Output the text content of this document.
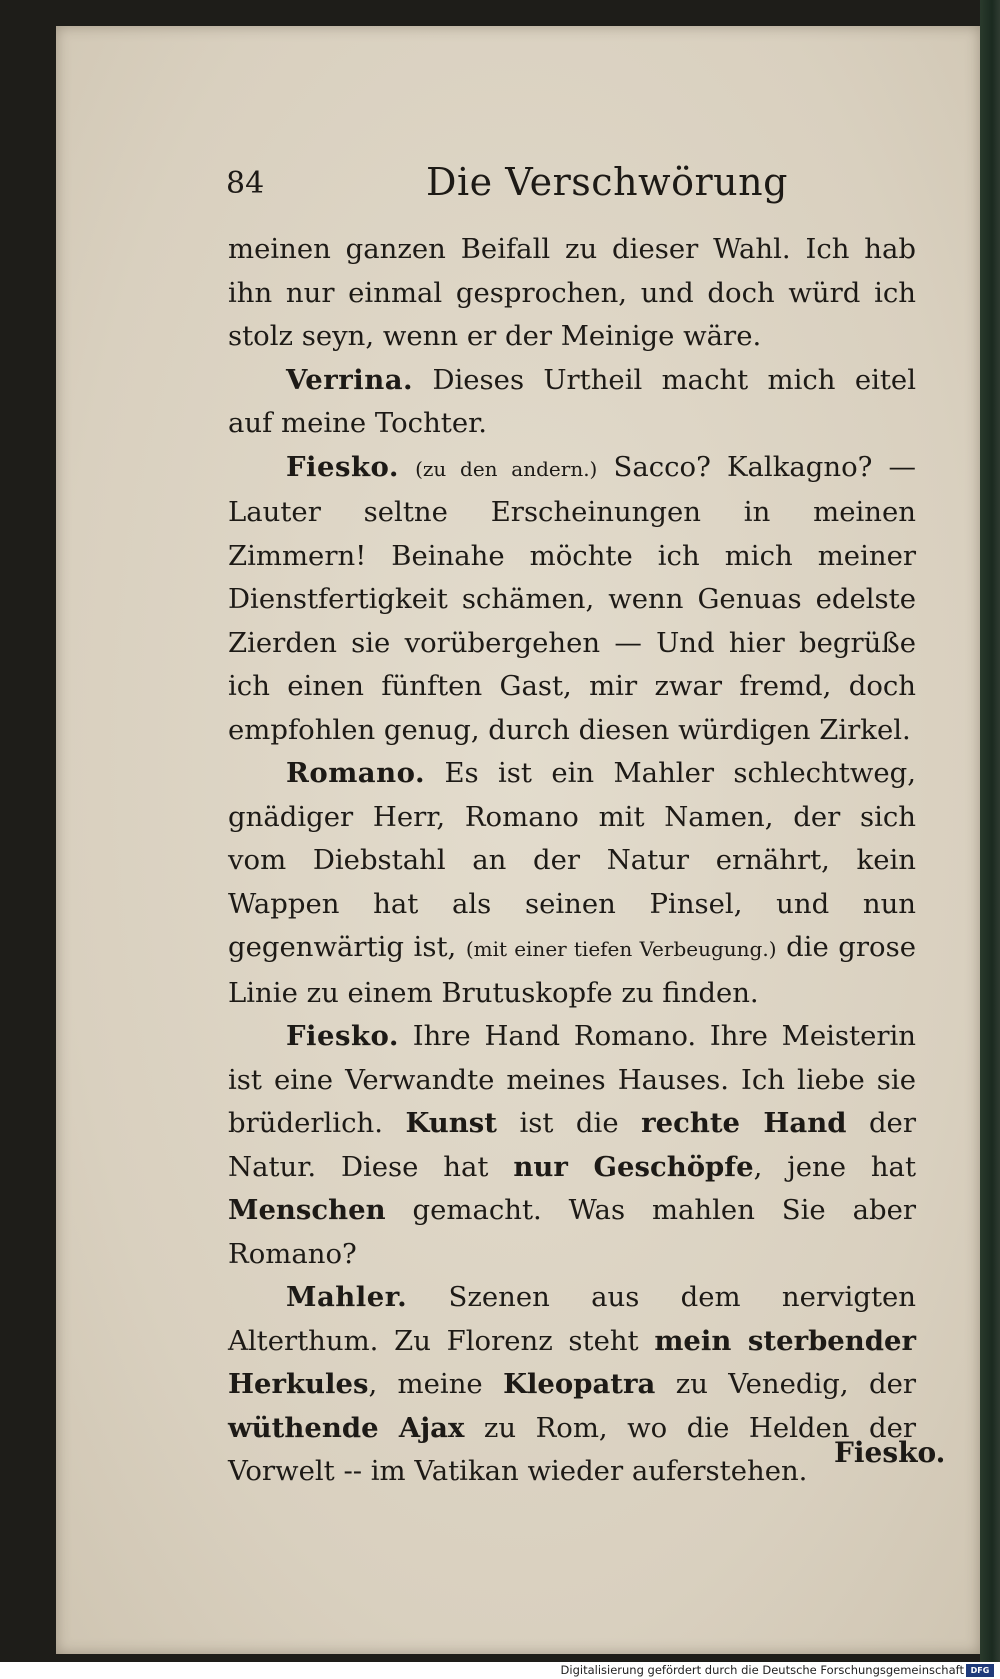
84	Die Verschwörung

meinen ganzen Beifall zu dieser Wahl. Ich hab ihn nur einmal gesprochen, und doch würd ich stolz seyn, wenn er der Meinige wäre.

Verrina. Dieses Urtheil macht mich eitel auf meine Tochter.

Fiesko. (zu den andern.) Sacco? Kalkagno? — Lauter seltne Erscheinungen in meinen Zimmern! Beinahe möchte ich mich meiner Dienstfertigkeit schämen, wenn Genuas edelste Zierden sie vorübergehen — Und hier begrüße ich einen fünften Gast, mir zwar fremd, doch empfohlen genug, durch diesen würdigen Zirkel.

Romano. Es ist ein Mahler schlechtweg, gnädiger Herr, Romano mit Namen, der sich vom Diebstahl an der Natur ernährt, kein Wappen hat als seinen Pinsel, und nun gegenwärtig ist, (mit einer tiefen Verbeugung.) die grose Linie zu einem Brutuskopfe zu finden.

Fiesko. Ihre Hand Romano. Ihre Meisterin ist eine Verwandte meines Hauses. Ich liebe sie brüderlich. Kunst ist die rechte Hand der Natur. Diese hat nur Geschöpfe, jene hat Menschen gemacht. Was mahlen Sie aber Romano?

Mahler. Szenen aus dem nervigten Alterthum. Zu Florenz steht mein sterbender Herkules, meine Kleopatra zu Venedig, der wüthende Ajax zu Rom, wo die Helden der Vorwelt -- im Vatikan wieder auferstehen.

Fiesko.
Digitalisierung gefördert durch die Deutsche Forschungsgemeinschaft DFG
